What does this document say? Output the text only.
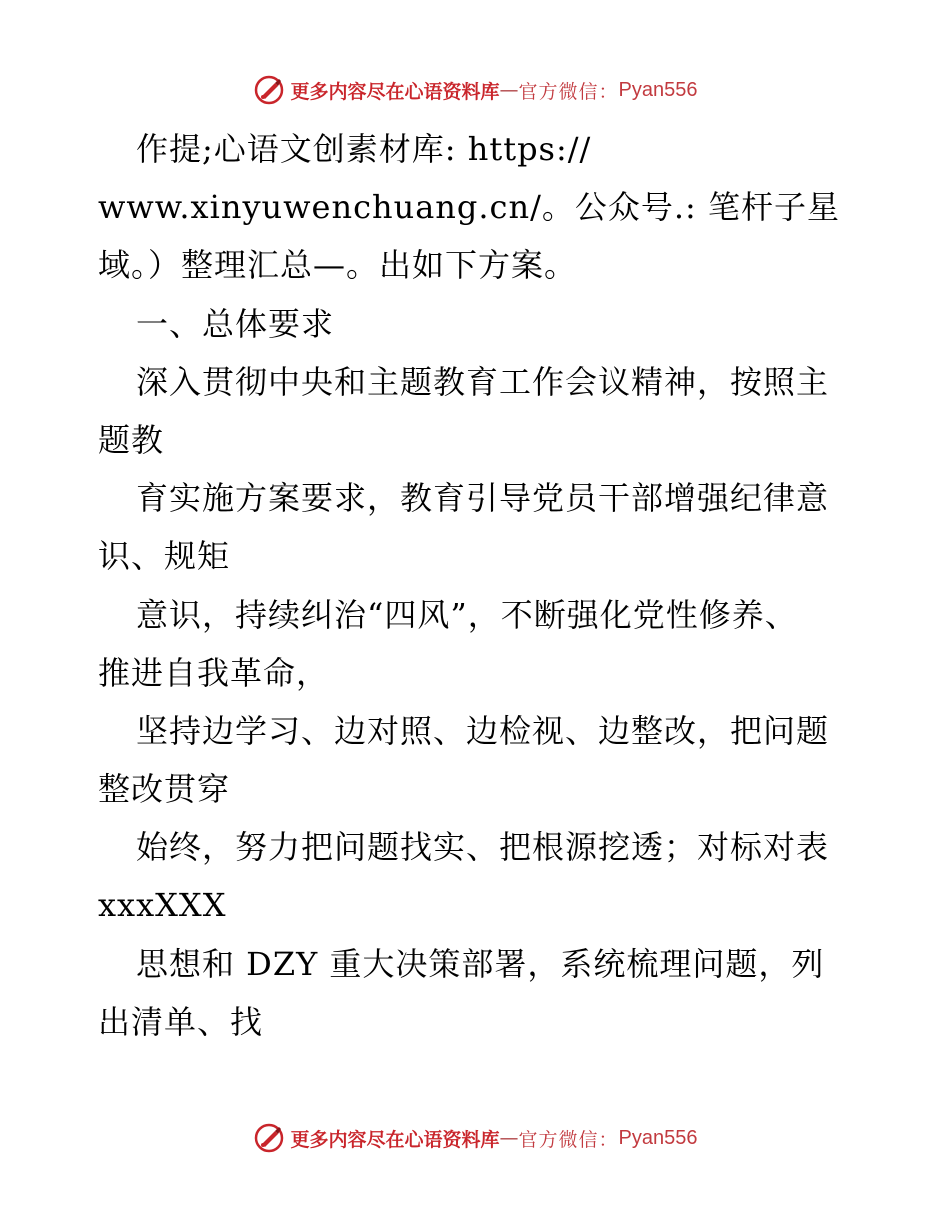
更多内容尽在心语资料库 — 官方微信： Pyan556
作提;心语文创素材库: https://
www.xinyuwenchuang.cn/。公众号.: 笔杆子星
域。）整理汇总—。出如下方案。
一、总体要求
深入贯彻中央和主题教育工作会议精神，按照主
题教
育实施方案要求，教育引导党员干部增强纪律意
识、规矩
意识，持续纠治“四风”，不断强化党性修养、
推进自我革命，
坚持边学习、边对照、边检视、边整改，把问题
整改贯穿
始终，努力把问题找实、把根源挖透；对标对表
xxxXXX
思想和 DZY 重大决策部署，系统梳理问题，列
出清单、找
更多内容尽在心语资料库 — 官方微信： Pyan556
